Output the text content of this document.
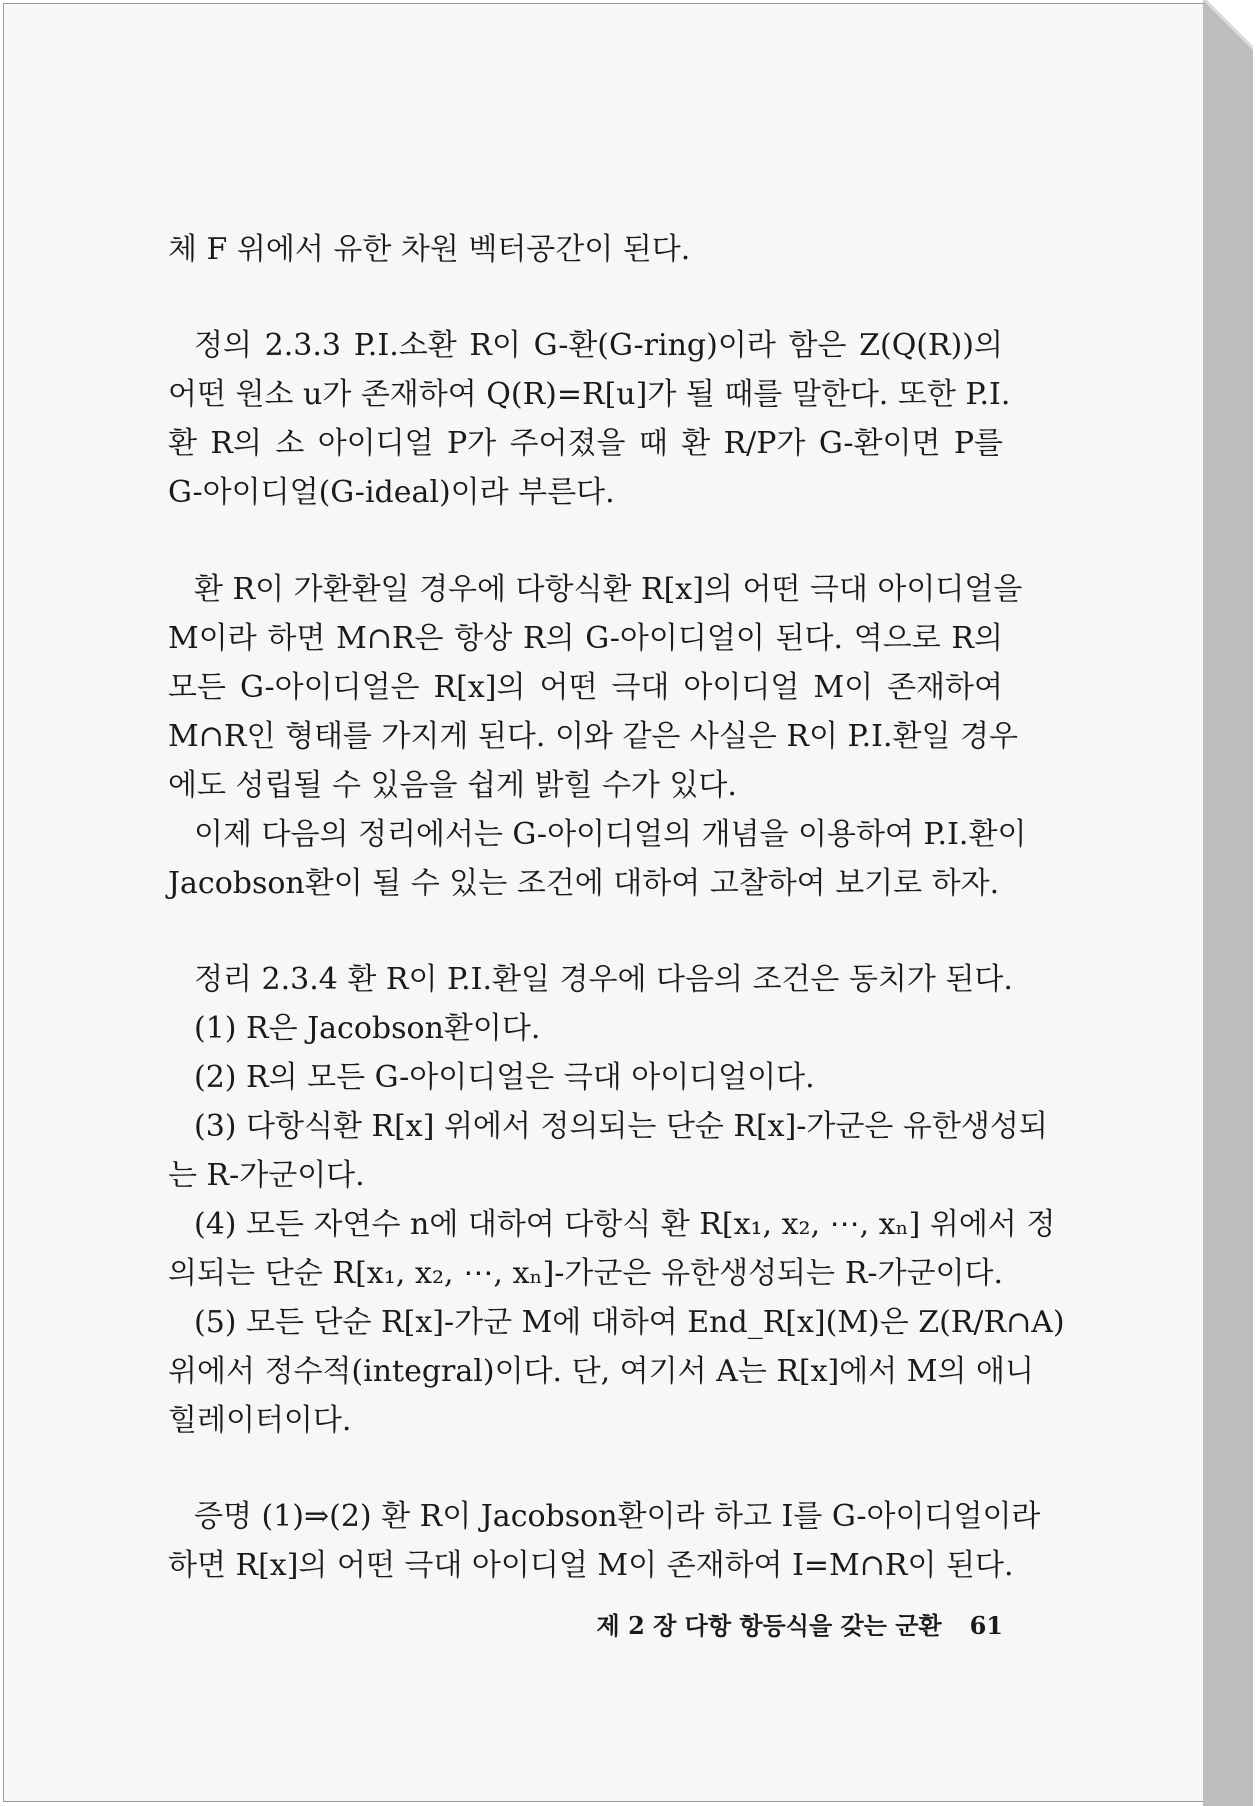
체 F 위에서 유한 차원 벡터공간이 된다.
정의 2.3.3 P.I.소환 R이 G-환(G-ring)이라 함은 Z(Q(R))의
어떤 원소 u가 존재하여 Q(R)=R[u]가 될 때를 말한다. 또한 P.I.
환 R의 소 아이디얼 P가 주어졌을 때 환 R/P가 G-환이면 P를
G-아이디얼(G-ideal)이라 부른다.
환 R이 가환환일 경우에 다항식환 R[x]의 어떤 극대 아이디얼을
M이라 하면 M∩R은 항상 R의 G-아이디얼이 된다. 역으로 R의
모든 G-아이디얼은 R[x]의 어떤 극대 아이디얼 M이 존재하여
M∩R인 형태를 가지게 된다. 이와 같은 사실은 R이 P.I.환일 경우
에도 성립될 수 있음을 쉽게 밝힐 수가 있다.
이제 다음의 정리에서는 G-아이디얼의 개념을 이용하여 P.I.환이
Jacobson환이 될 수 있는 조건에 대하여 고찰하여 보기로 하자.
정리 2.3.4 환 R이 P.I.환일 경우에 다음의 조건은 동치가 된다.
(1) R은 Jacobson환이다.
(2) R의 모든 G-아이디얼은 극대 아이디얼이다.
(3) 다항식환 R[x] 위에서 정의되는 단순 R[x]-가군은 유한생성되
는 R-가군이다.
(4) 모든 자연수 n에 대하여 다항식 환 R[x₁, x₂, ⋯, xₙ] 위에서 정
의되는 단순 R[x₁, x₂, ⋯, xₙ]-가군은 유한생성되는 R-가군이다.
(5) 모든 단순 R[x]-가군 M에 대하여 End_R[x](M)은 Z(R/R∩A)
위에서 정수적(integral)이다. 단, 여기서 A는 R[x]에서 M의 애니
힐레이터이다.
증명 (1)⇒(2) 환 R이 Jacobson환이라 하고 I를 G-아이디얼이라
하면 R[x]의 어떤 극대 아이디얼 M이 존재하여 I=M∩R이 된다.
제 2 장 다항 항등식을 갖는 군환 61
